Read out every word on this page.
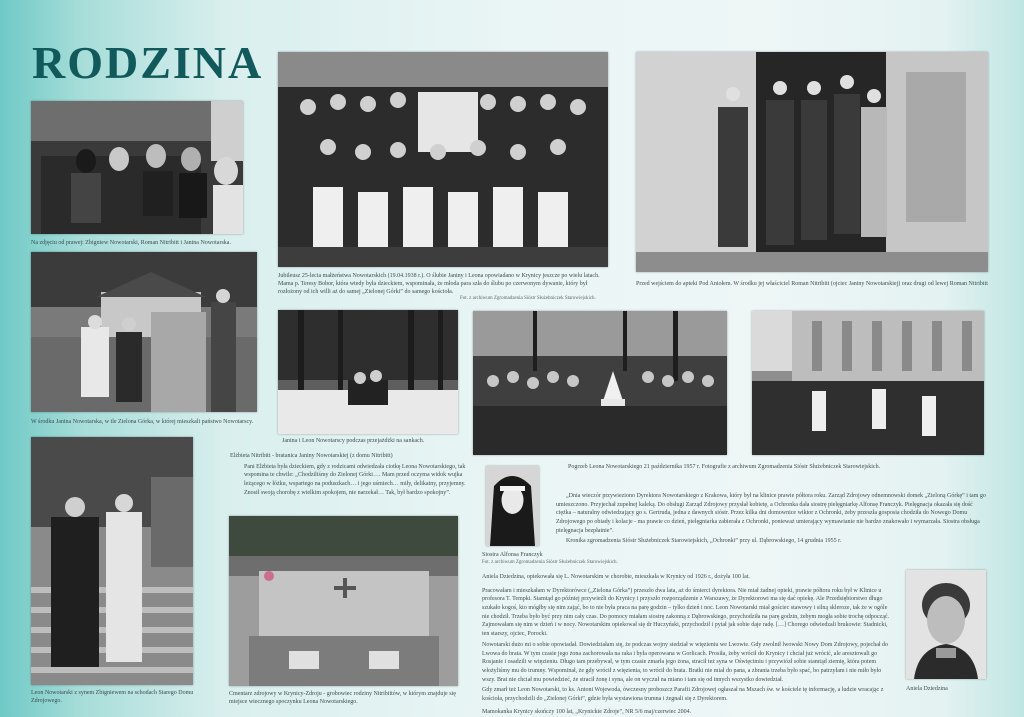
RODZINA
Na zdjęciu od prawej: Zbigniew Nowotarski, Roman Nitribitt i Janina Nowotarska.
Jubileusz 25-lecia małżeństwa Nowotarskich (19.04.1938 r.). O ślubie Janiny i Leona opowiadano w Krynicy jeszcze po wielu latach. Mama p. Teresy Bobor, która wtedy była dzieckiem, wspominała, że młoda para szła do ślubu po czerwonym dywanie, który był rozłożony od ich willi aż do samej „Zielonej Górki” do samego kościoła.
Fot. z archiwum Zgromadzenia Sióstr Służebniczek Starowiejskich.
Przed wejściem do apteki Pod Aniołem. W środku jej właściciel Roman Nitribitt (ojciec Janiny Nowotarskiej) oraz drugi od lewej Roman Nitribitt
W środku Janina Nowotarska, w tle Zielona Górka, w której mieszkali państwo Nowotarscy.
Janina i Leon Nowotarscy podczas przejażdżki na sankach.
Pogrzeb Leona Nowotarskiego 21 października 1957 r. Fotografie z archiwum Zgromadzenia Sióstr Służebniczek Starowiejskich.
Leon Nowotarski z synem Zbigniewem na schodach Starego Domu Zdrojowego.

Elżbieta Nitribitt - bratanica Janiny Nowotarskiej (z domu Nitribitt)

Pani Elżbieta była dzieckiem, gdy z rodzicami odwiedzała ciotkę Leona Nowotarskiego, tak wspomina te chwile: „Chodziliśmy do Zielonej Górki…. Mam przed oczyma widok wujka leżącego w łóżku, wspartego na poduszkach… i jego uśmiech… miły, delikatny, przyjemny. Znosił swoją chorobę z wielkim spokojem, nie narzekał… Tak, był bardzo spokojny”.

Cmentarz zdrojowy w Krynicy-Zdroju - grobowiec rodziny Nitribittów, w którym znajduje się miejsce wiecznego spoczynku Leona Nowotarskiego.
Siostra Alfonsa Franczyk
Fot. z archiwum Zgromadzenia Sióstr Służebniczek Starowiejskich.

„Dnia wieczór przywieziono Dyrektora Nowotarskiego z Krakowa, który był na klinice prawie półtora roku. Zarząd Zdrojowy odnemnowski domek „Zieloną Górkę” i tam go umieszczono. Przyjechał zupełnej kaleką. Do obsługi Zarząd Zdrojowy przysłał kobietę, a Ochronka dała siostrę pielęgniarkę Alfonsę Franczyk. Pielęgnacja okazała się dość ciężka – naturalny odwiedzający go s. Gertruda, jedna z dawnych sióstr. Przez kilka dni domownice wiktor z Ochronki, żeby przeszła gosposia chodziła do Nowego Domu Zdrojowego po obiady i kolacje - ma prawie co dzień, pielęgniarka zabierała z Ochronki, ponieważ umierający wymawianie nie bardzo znakowało i wymarzała. Siostra obsługa pielęgnacja bezpłatnie”.

Kronika zgromadzenia Sióstr Służebniczek Starowiejskich, „Ochronki” przy ul. Dąbrowskiego, 14 grudnia 1955 r.

Aniela Dziedzina, opiekowała się L. Nowotarskim w chorobie, mieszkała w Krynicy od 1926 r., dożyła 100 lat.

Pracowałam i mieszkałam w Dyrektorówce („Zielona Górka”) przeszło dwa lata, aż do śmierci dyrektora. Nie miał żadnej opieki, prawie półtora roku był w Klinice u profesora T. Tempki. Stamtąd go później przywieźli do Krynicy i przyszło rozporządzenie z Warszawy, że Dyrektorowi ma się dać opiekę. Ale Przedsiębiorstwo długo szukało kogoś, kto mógłby się nim zająć, bo to nie była praca na parę godzin – tylko dzień i noc. Leon Nowotarski miał gościec stawowy i silną skleroze, tak że w ogóle nie chodził. Trzeba było być przy nim cały czas. Do pomocy miałam siostrę zakonną z Dąbrowskiego, przychodziła na parę godzin, żebym mogła sobie trochę odpocząć. Zajmowałam się nim w dzień i w nocy. Nowotarskim opiekował się dr Huczyński, przychodził i pytał jak sobie daje radę. […] Chorego odwiedzali brukowie: Stadnicki, ten starszy, ojciec, Porocki.

Nowotarski dużo mi o sobie opowiadał. Dowiedziałam się, że podczas wojny siedział w więzieniu we Lwowie. Gdy zwolnił lwowski Nowy Dom Zdrojowy, pojechał do Lwowa do brata. W tym czasie jego żona zachorowała na raka i była operowana w Gorlicach. Prosiła, żeby wrócił do Krynicy i chciał już wrócić, ale aresztowali go Rosjanie i osadzili w więzieniu. Długo tam przebywał, w tym czasie zmarła jego żona, stracił też syna w Oświęcimiu i przywiózł sobie stamtąd ziemię, która potem włożyliśmy mu do trumny. Wspominał, że gdy wrócił z więzienia, to wrócił do brata. Bratki nie miał do pana, a zbrania trzeba było spać, bo patrzyłam i nie miło było wszy. Brat nie chciał mu powiedzieć, że stracił żonę i syna, ale on wyczuł na miano i tam się od innych wszystko dowiedział.

Gdy zmarł też Leon Nowotarski, to ks. Antoni Wojewoda, ówczesny proboszcz Parafii Zdrojowej ogłaszał na Mszach św. w kościele tę informację, a ludzie wracając z kościoła, przychodzili do „Zielonej Górki”, gdzie była wystawiona trumna i żegnali się z Dyrektorem.

Mamokanka Krynicy skończy 100 lat, „Krynickie Zdroje”, NR 5/6 maj/czerwiec 2004.

Aniela Dziedzina
